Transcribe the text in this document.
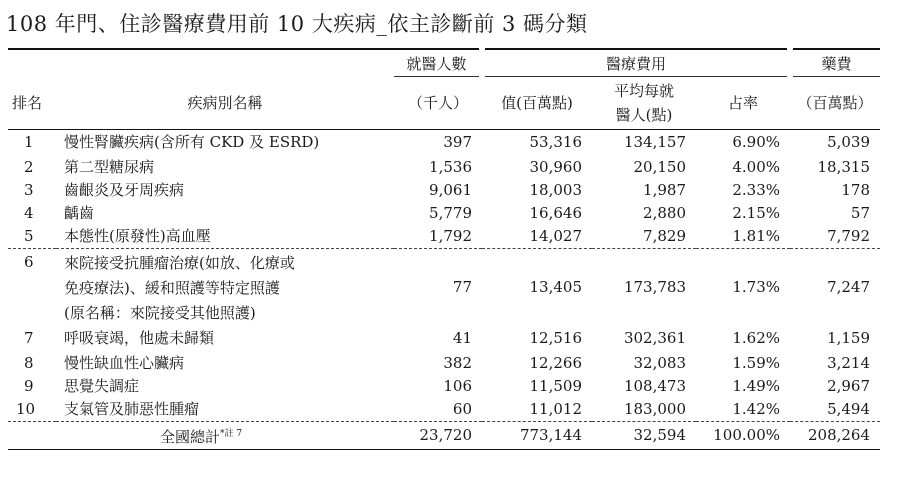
108 年門、住診醫療費用前 10 大疾病_依主診斷前 3 碼分類
		就醫人數	醫療費用			藥費
排名	疾病別名稱	（千人）	值(百萬點)	平均每就
醫人(點)	占率	（百萬點）
1	慢性腎臟疾病(含所有 CKD 及 ESRD)	397	53,316	134,157	6.90%	5,039
2	第二型糖尿病	1,536	30,960	20,150	4.00%	18,315
3	齒齦炎及牙周疾病	9,061	18,003	1,987	2.33%	178
4	齲齒	5,779	16,646	2,880	2.15%	57
5	本態性(原發性)高血壓	1,792	14,027	7,829	1.81%	7,792
6	來院接受抗腫瘤治療(如放、化療或
免疫療法)、緩和照護等特定照護
(原名稱：來院接受其他照護)	77	13,405	173,783	1.73%	7,247
7	呼吸衰竭，他處未歸類	41	12,516	302,361	1.62%	1,159
8	慢性缺血性心臟病	382	12,266	32,083	1.59%	3,214
9	思覺失調症	106	11,509	108,473	1.49%	2,967
10	支氣管及肺惡性腫瘤	60	11,012	183,000	1.42%	5,494
全國總計$^{*註 7}$		23,720	773,144	32,594	100.00%	208,264
